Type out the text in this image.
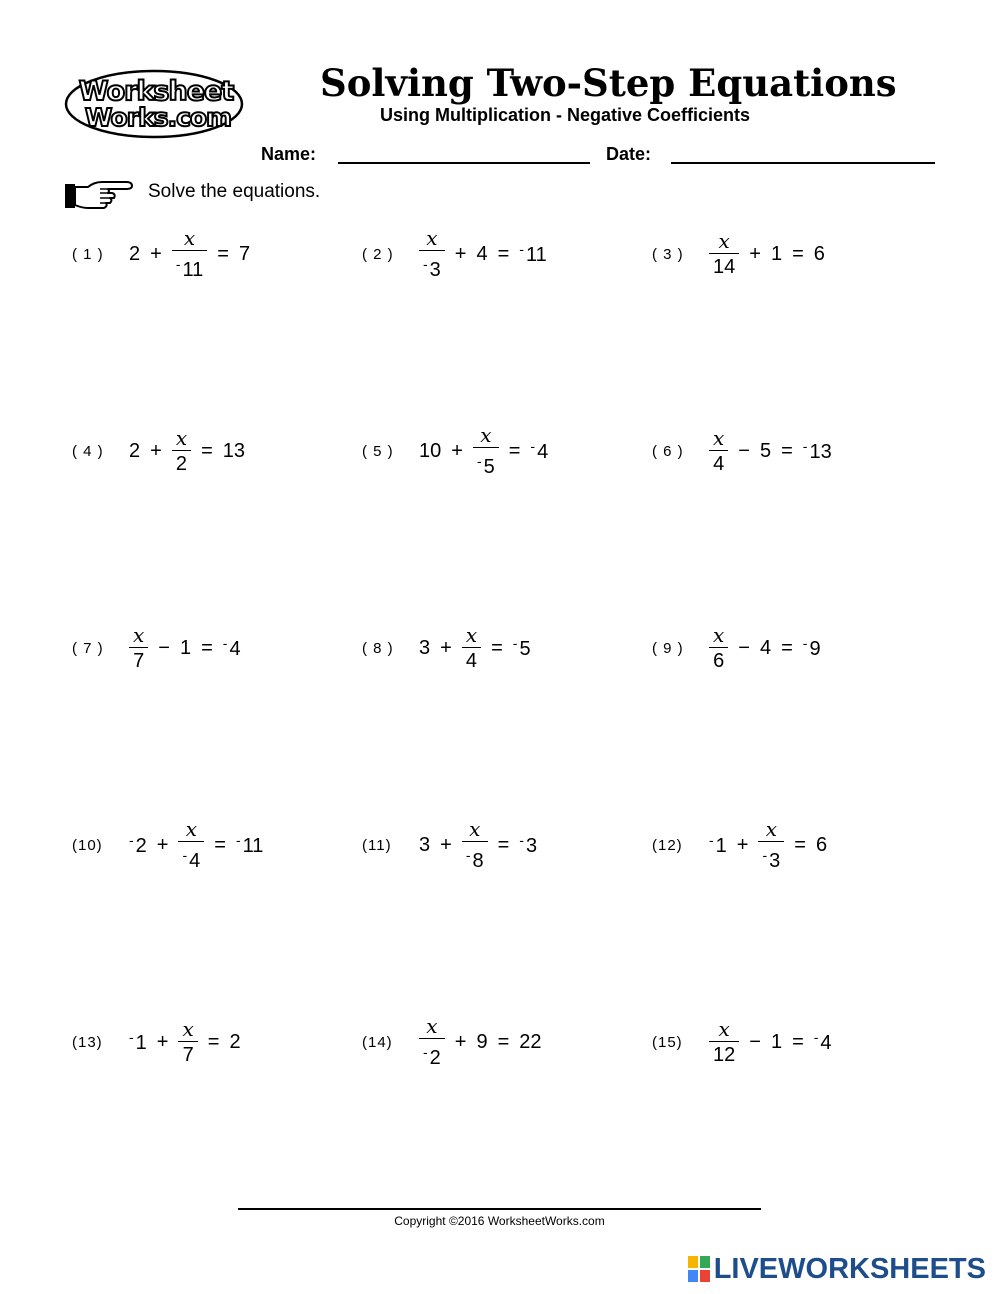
Worksheet
Works.com
Solving Two-Step Equations
Using Multiplication - Negative Coefficients
Name:	Date:
Solve the equations.
( 1 )	$2 + \frac{x}{^- 11} = 7$	( 2 )	$\frac{x}{^- 3} + 4 = ^-$ 11	( 3 )	$\frac{x}{14} + 1 = 6$
( 4 )	$2 + \frac{x}{2} = 13$	( 5 )	$10 + \frac{x}{^- 5} = ^-$ 4	( 6 )	$\frac{x}{4} - 5 = ^-$ 13
( 7 )	$\frac{x}{7} - 1 = ^-$ 4	( 8 )	$3 + \frac{x}{4} = ^-$ 5	( 9 )	$\frac{x}{6} - 4 = ^-$ 9
(10)	- $2 + \frac{x}{^- 4} = ^-$ 11	(11)	$3 + \frac{x}{^- 8} = ^-$ 3	(12)	- $1 + \frac{x}{^- 3} = 6$
(13)	- $1 + \frac{x}{7} = 2$	(14)	$\frac{x}{^- 2} + 9 = 22$	(15)	$\frac{x}{12} - 1 = ^-$ 4
Copyright ©2016 WorksheetWorks.com
LIVEWORKSHEETS
